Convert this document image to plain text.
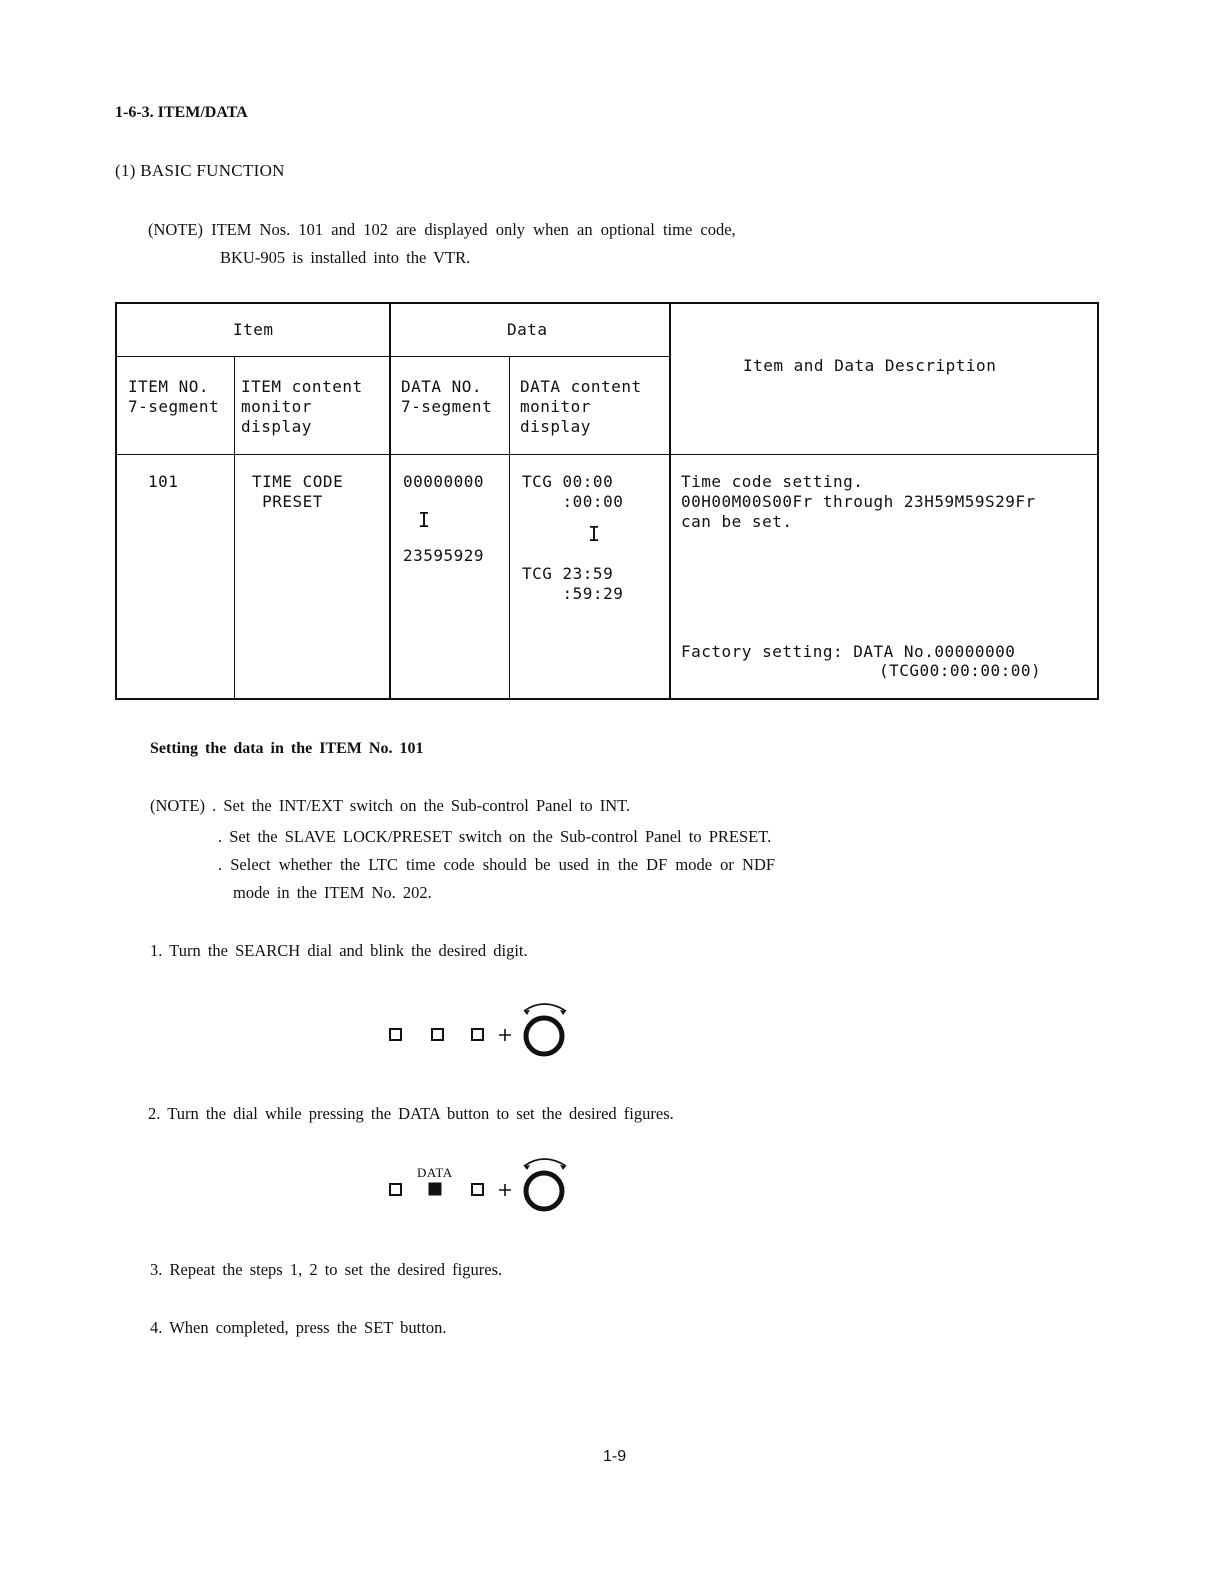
1-6-3. ITEM/DATA
(1) BASIC FUNCTION
(NOTE) ITEM Nos. 101 and 102 are displayed only when an optional time code,
BKU-905 is installed into the VTR.
Item	Data
Item and Data Description
ITEM NO.
7-segment
ITEM content
monitor
display
DATA NO.
7-segment
DATA content
monitor
display
101	TIME CODE
PRESET
00000000
I
23595929
TCG 00:00
:00:00
I
TCG 23:59
:59:29
Time code setting.
00H00M00S00Fr through 23H59M59S29Fr
can be set.
Factory setting: DATA No.00000000
(TCG00:00:00:00)
Setting the data in the ITEM No. 101
(NOTE) . Set the INT/EXT switch on the Sub-control Panel to INT.
. Set the SLAVE LOCK/PRESET switch on the Sub-control Panel to PRESET.
. Select whether the LTC time code should be used in the DF mode or NDF
mode in the ITEM No. 202.
1. Turn the SEARCH dial and blink the desired digit.
2. Turn the dial while pressing the DATA button to set the desired figures.
DATA
3. Repeat the steps 1, 2 to set the desired figures.
4. When completed, press the SET button.
1-9
